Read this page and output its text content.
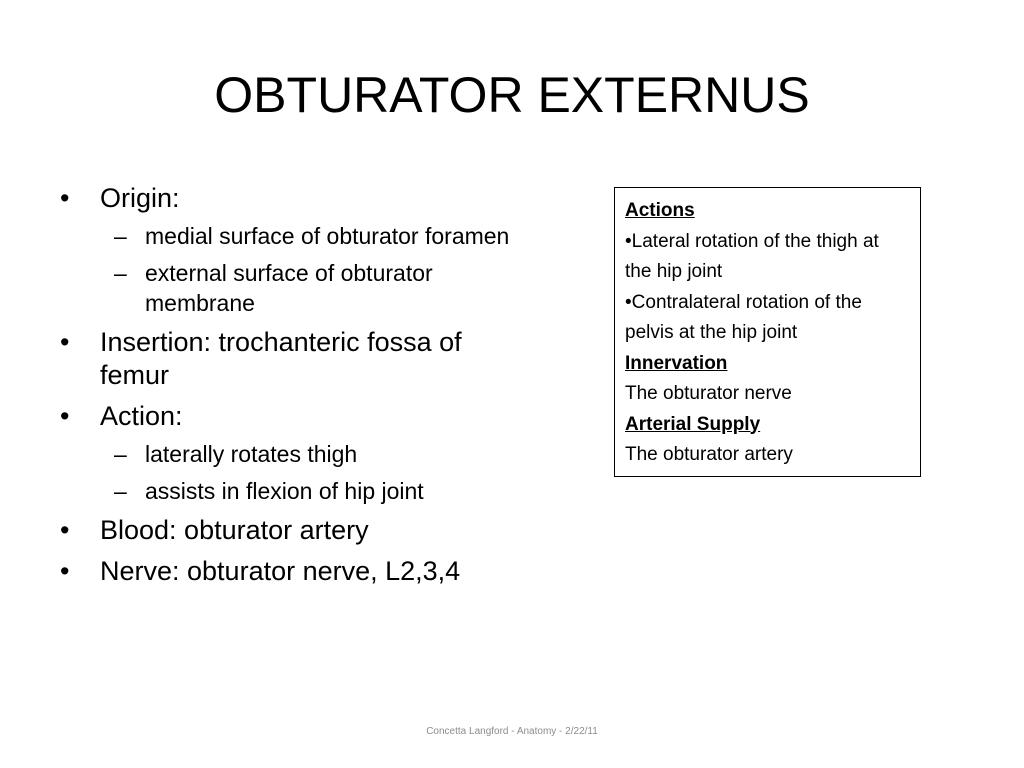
OBTURATOR EXTERNUS
• Origin:
– medial surface of obturator foramen
– external surface of obturator membrane
• Insertion: trochanteric fossa of femur
• Action:
– laterally rotates thigh
– assists in flexion of hip joint
• Blood: obturator artery
• Nerve: obturator nerve, L2,3,4
Actions
•Lateral rotation of the thigh at the hip joint
•Contralateral rotation of the pelvis at the hip joint
Innervation
The obturator nerve
Arterial Supply
The obturator artery
Concetta Langford - Anatomy - 2/22/11
